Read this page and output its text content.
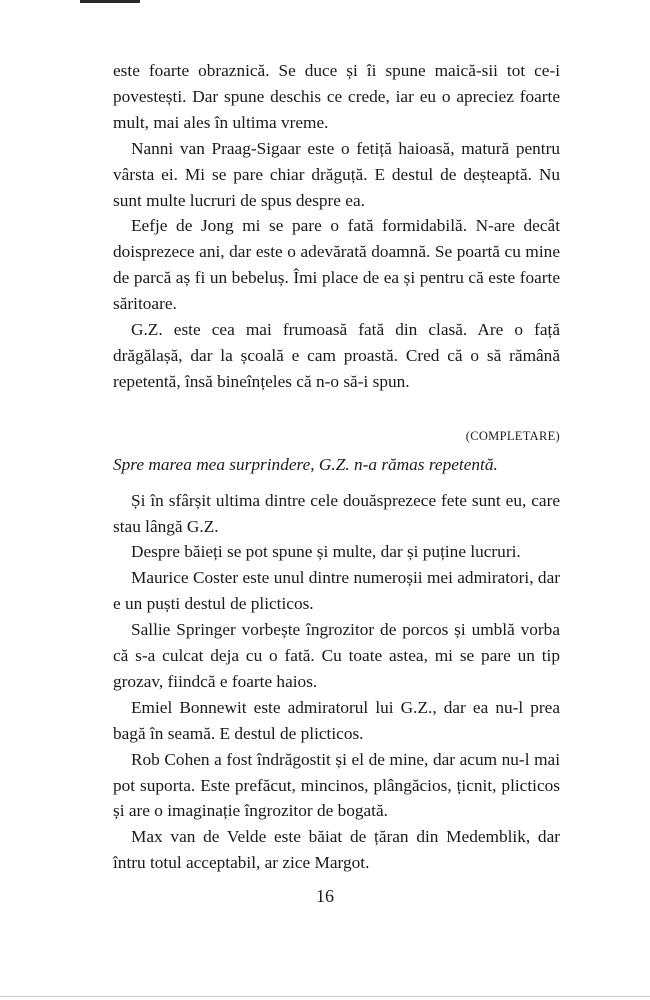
este foarte obraznică. Se duce și îi spune maică-sii tot ce-i povestești. Dar spune deschis ce crede, iar eu o apreciez foarte mult, mai ales în ultima vreme.

Nanni van Praag-Sigaar este o fetiță haioasă, matură pentru vârsta ei. Mi se pare chiar drăguță. E destul de deșteaptă. Nu sunt multe lucruri de spus despre ea.

Eefje de Jong mi se pare o fată formidabilă. N-are decât doisprezece ani, dar este o adevărată doamnă. Se poartă cu mine de parcă aș fi un bebeluș. Îmi place de ea și pentru că este foarte săritoare.

G.Z. este cea mai frumoasă fată din clasă. Are o față drăgălașă, dar la școală e cam proastă. Cred că o să rămână repetentă, însă bineînțeles că n-o să-i spun.

(COMPLETARE)

Spre marea mea surprindere, G.Z. n-a rămas repetentă.

Și în sfârșit ultima dintre cele douăsprezece fete sunt eu, care stau lângă G.Z.

Despre băieți se pot spune și multe, dar și puține lucruri.

Maurice Coster este unul dintre numeroșii mei admiratori, dar e un puști destul de plicticos.

Sallie Springer vorbește îngrozitor de porcos și umblă vorba că s-a culcat deja cu o fată. Cu toate astea, mi se pare un tip grozav, fiindcă e foarte haios.

Emiel Bonnewit este admiratorul lui G.Z., dar ea nu-l prea bagă în seamă. E destul de plicticos.

Rob Cohen a fost îndrăgostit și el de mine, dar acum nu-l mai pot suporta. Este prefăcut, mincinos, plângăcios, țicnit, plicticos și are o imaginație îngrozitor de bogată.

Max van de Velde este băiat de țăran din Medemblik, dar întru totul acceptabil, ar zice Margot.

16
